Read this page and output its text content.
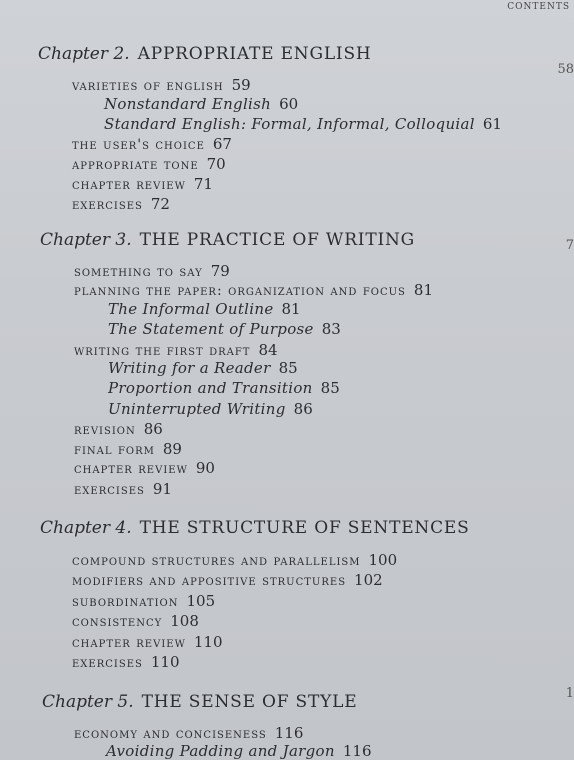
CONTENTS
58
7
1
Chapter 2. APPROPRIATE ENGLISH
varieties of english 59
Nonstandard English 60
Standard English: Formal, Informal, Colloquial 61
the user's choice 67
appropriate tone 70
chapter review 71
exercises 72
Chapter 3. THE PRACTICE OF WRITING
something to say 79
planning the paper: organization and focus 81
The Informal Outline 81
The Statement of Purpose 83
writing the first draft 84
Writing for a Reader 85
Proportion and Transition 85
Uninterrupted Writing 86
revision 86
final form 89
chapter review 90
exercises 91
Chapter 4. THE STRUCTURE OF SENTENCES
compound structures and parallelism 100
modifiers and appositive structures 102
subordination 105
consistency 108
chapter review 110
exercises 110
Chapter 5. THE SENSE OF STYLE
economy and conciseness 116
Avoiding Padding and Jargon 116
